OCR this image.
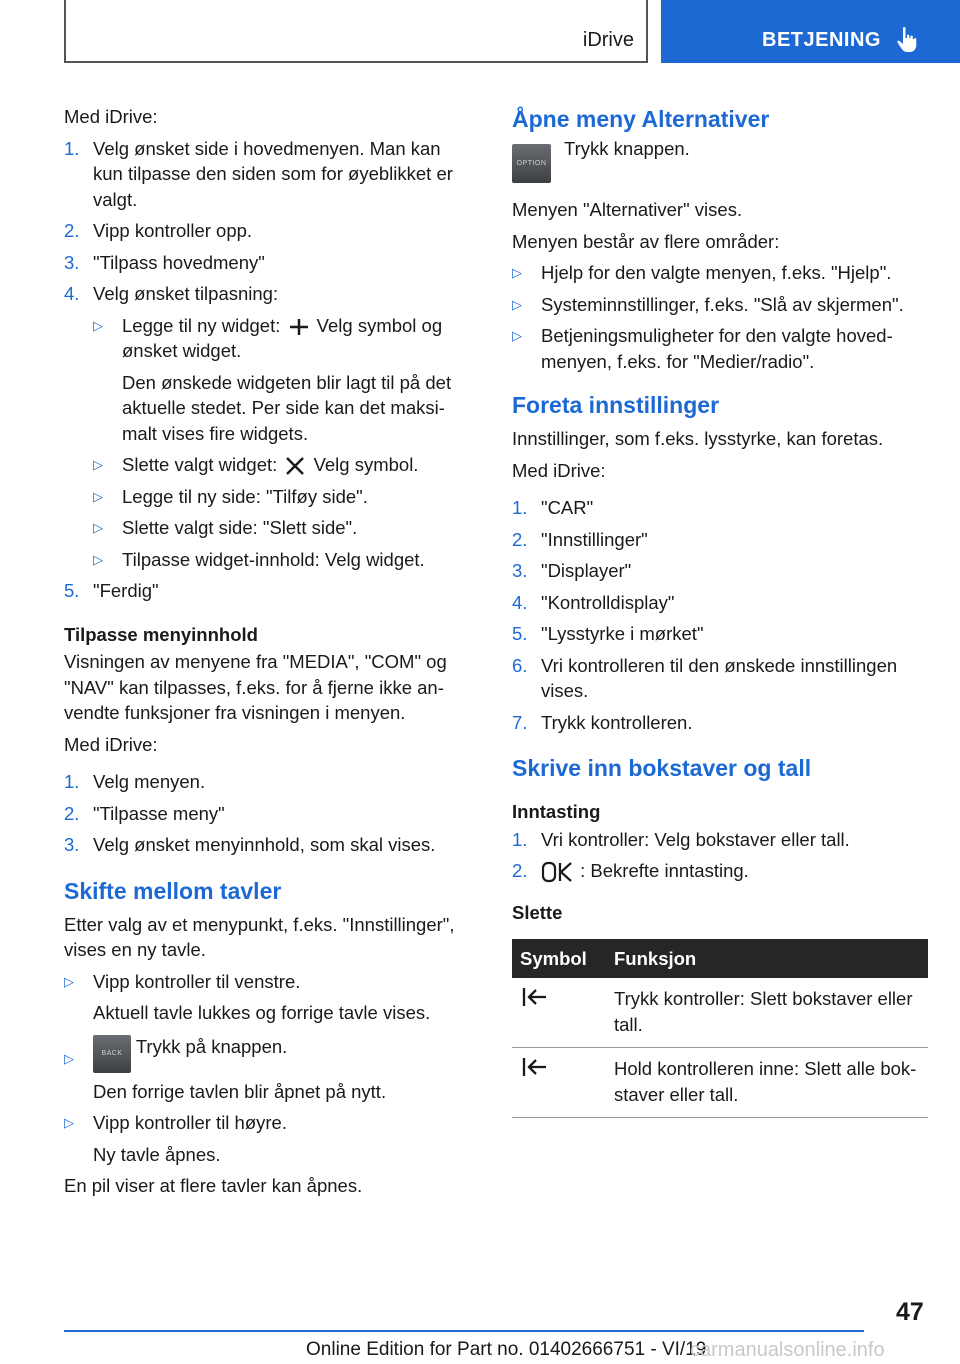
iDrive	BETJENING

Med iDrive:

1. Velg ønsket side i hovedmenyen. Man kan kun tilpasse den siden som for øyeblikket er valgt.
2. Vipp kontroller opp.
3. "Tilpass hovedmeny"
4. Velg ønsket tilpasning:
▷	Legge til ny widget: Velg symbol og ønsket widget.
Den ønskede widgeten blir lagt til på det aktuelle stedet. Per side kan det maksimalt vises fire widgets.
▷	Slette valgt widget: Velg symbol.
▷	Legge til ny side: "Tilføy side".
▷	Slette valgt side: "Slett side".
▷	Tilpasse widget-innhold: Velg widget.
5. "Ferdig"
Tilpasse menyinnhold

Visningen av menyene fra "MEDIA", "COM" og "NAV" kan tilpasses, f.eks. for å fjerne ikke anvendte funksjoner fra visningen i menyen.

Med iDrive:

1. Velg menyen.
2. "Tilpasse meny"
3. Velg ønsket menyinnhold, som skal vises.
Skifte mellom tavler

Etter valg av et menypunkt, f.eks. "Innstillinger", vises en ny tavle.

▷	Vipp kontroller til venstre.
Aktuell tavle lukkes og forrige tavle vises.
▷	BACK Trykk på knappen.
Den forrige tavlen blir åpnet på nytt.
▷	Vipp kontroller til høyre.
Ny tavle åpnes.

En pil viser at flere tavler kan åpnes.

Åpne meny Alternativer
OPTION
Trykk knappen.

Menyen "Alternativer" vises.

Menyen består av flere områder:

▷	Hjelp for den valgte menyen, f.eks. "Hjelp".
▷	Systeminnstillinger, f.eks. "Slå av skjermen".
▷	Betjeningsmuligheter for den valgte hovedmenyen, f.eks. for "Medier/radio".
Foreta innstillinger

Innstillinger, som f.eks. lysstyrke, kan foretas.

Med iDrive:

1. "CAR"
2. "Innstillinger"
3. "Displayer"
4. "Kontrolldisplay"
5. "Lysstyrke i mørket"
6. Vri kontrolleren til den ønskede innstillingen vises.
7. Trykk kontrolleren.
Skrive inn bokstaver og tall
Inntasting
1. Vri kontroller: Velg bokstaver eller tall.
2.	: Bekrefte inntasting.
Slette
Symbol	Funksjon
	Trykk kontroller: Slett bokstaver eller tall.
	Hold kontrolleren inne: Slett alle bokstaver eller tall.
47
Online Edition for Part no. 01402666751 - VI/19
carmanualsonline.info
